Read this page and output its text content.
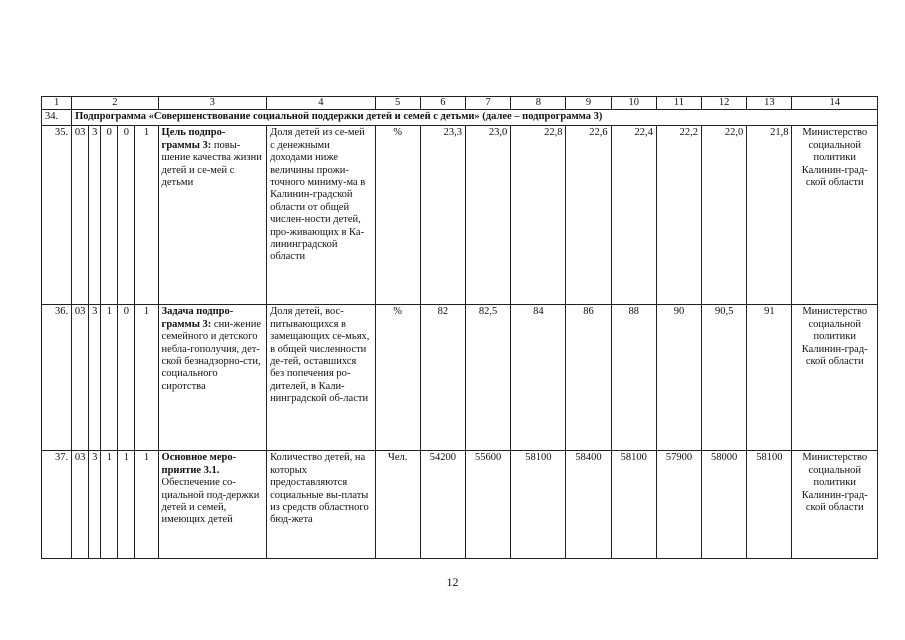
1	2					3	4	5	6	7	8	9	10	11	12	13	14
34.	Подпрограмма «Совершенствование социальной поддержки детей и семей с детьми» (далее – подпрограмма 3)																
35.	03	3	0	0	1	Цель подпро-граммы 3: повы-шение качества жизни детей и се-мей с детьми	Доля детей из се-мей с денежными доходами ниже величины прожи-точного миниму-ма в Калинин-градской области от общей числен-ности детей, про-живающих в Ка-лининградской области	%	23,3	23,0	22,8	22,6	22,4	22,2	22,0	21,8	Министерство социальной политики Калинин-град-ской области
36.	03	3	1	0	1	Задача подпро-граммы 3: сни-жение семейного и детского небла-гополучия, дет-ской безнадзорно-сти, социального сиротства	Доля детей, вос-питывающихся в замещающих се-мьях, в общей численности де-тей, оставшихся без попечения ро-дителей, в Кали-нинградской об-ласти	%	82	82,5	84	86	88	90	90,5	91	Министерство социальной политики Калинин-град-ской области
37.	03	3	1	1	1	Основное меро-приятие 3.1. Обеспечение со-циальной под-держки детей и семей, имеющих детей	Количество детей, на которых предоставляются социальные вы-платы из средств областного бюд-жета	Чел.	54200	55600	58100	58400	58100	57900	58000	58100	Министерство социальной политики Калинин-град-ской области
12
